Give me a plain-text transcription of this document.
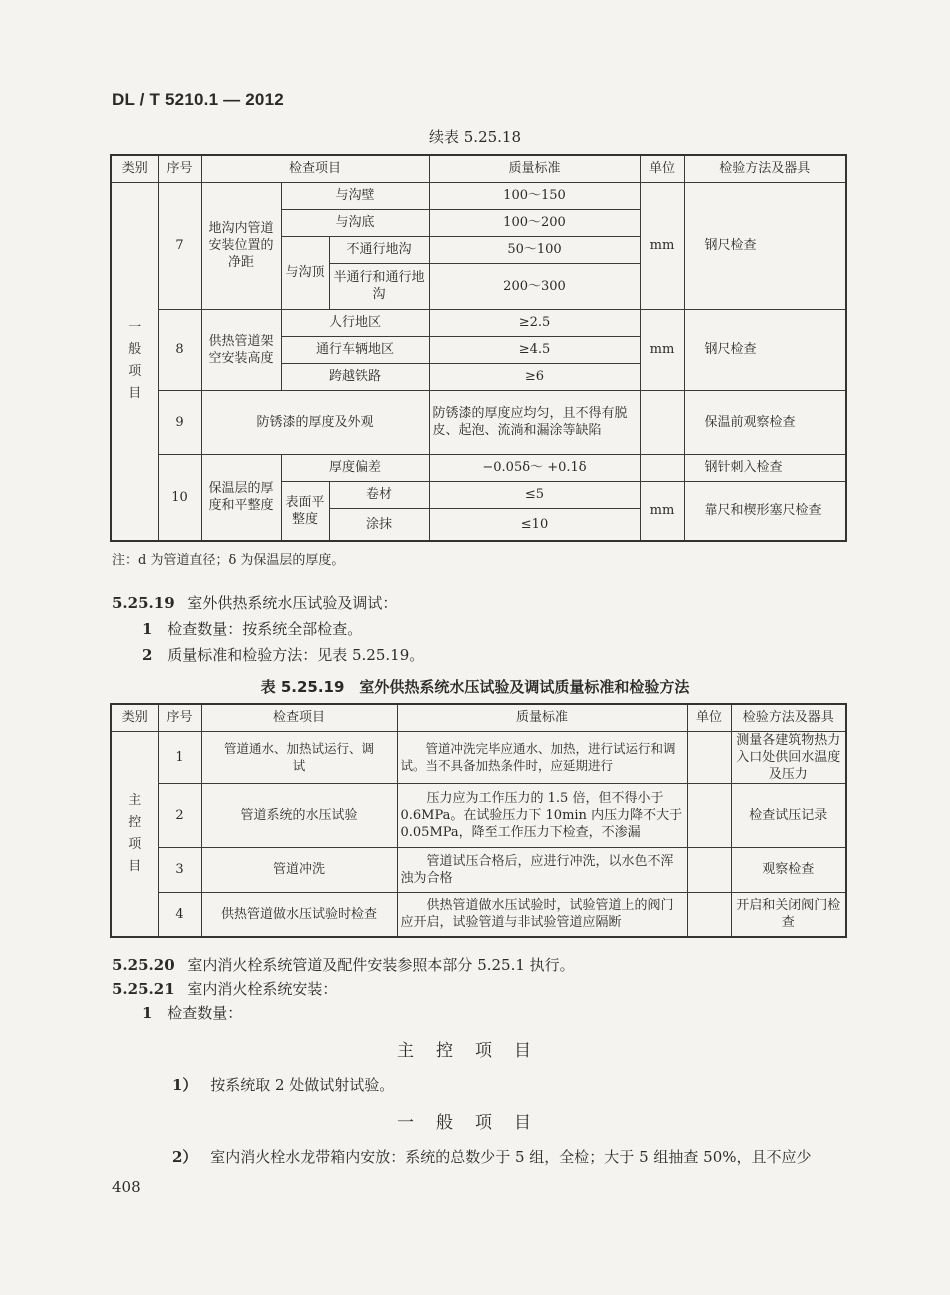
DL / T 5210.1 — 2012
续表 5.25.18
类别	序号	检查项目			质量标准	单位	检验方法及器具
一
般
项
目	7	地沟内管道安装位置的净距	与沟壁		100～150	mm	钢尺检查
			与沟底		100～200		
			与沟顶	不通行地沟	50～100		
				半通行和通行地沟	200～300		
	8	供热管道架空安装高度	人行地区		≥2.5	mm	钢尺检查
			通行车辆地区		≥4.5		
			跨越铁路		≥6		
	9	防锈漆的厚度及外观			防锈漆的厚度应均匀，且不得有脱皮、起泡、流淌和漏涂等缺陷		保温前观察检查
	10	保温层的厚度和平整度	厚度偏差		−0.05δ～ +0.1δ		钢针刺入检查
			表面平整度	卷材	≤5	mm	靠尺和楔形塞尺检查
				涂抹	≤10		
注：d 为管道直径；δ 为保温层的厚度。
5.25.19 室外供热系统水压试验及调试：
1 检查数量：按系统全部检查。
2 质量标准和检验方法：见表 5.25.19。
表 5.25.19　室外供热系统水压试验及调试质量标准和检验方法
类别	序号	检查项目	质量标准	单位	检验方法及器具
主
控
项
目	1	管道通水、加热试运行、调试	管道冲洗完毕应通水、加热，进行试运行和调试。当不具备加热条件时，应延期进行		测量各建筑物热力入口处供回水温度及压力
	2	管道系统的水压试验	压力应为工作压力的 1.5 倍，但不得小于0.6MPa。在试验压力下 10min 内压力降不大于0.05MPa，降至工作压力下检查，不渗漏		检查试压记录
	3	管道冲洗	管道试压合格后，应进行冲洗，以水色不浑浊为合格		观察检查
	4	供热管道做水压试验时检查	供热管道做水压试验时，试验管道上的阀门应开启，试验管道与非试验管道应隔断		开启和关闭阀门检查
5.25.20 室内消火栓系统管道及配件安装参照本部分 5.25.1 执行。
5.25.21 室内消火栓系统安装：
1 检查数量：
主控项目
1） 按系统取 2 处做试射试验。
一般项目
2） 室内消火栓水龙带箱内安放：系统的总数少于 5 组，全检；大于 5 组抽查 50%，且不应少
408
